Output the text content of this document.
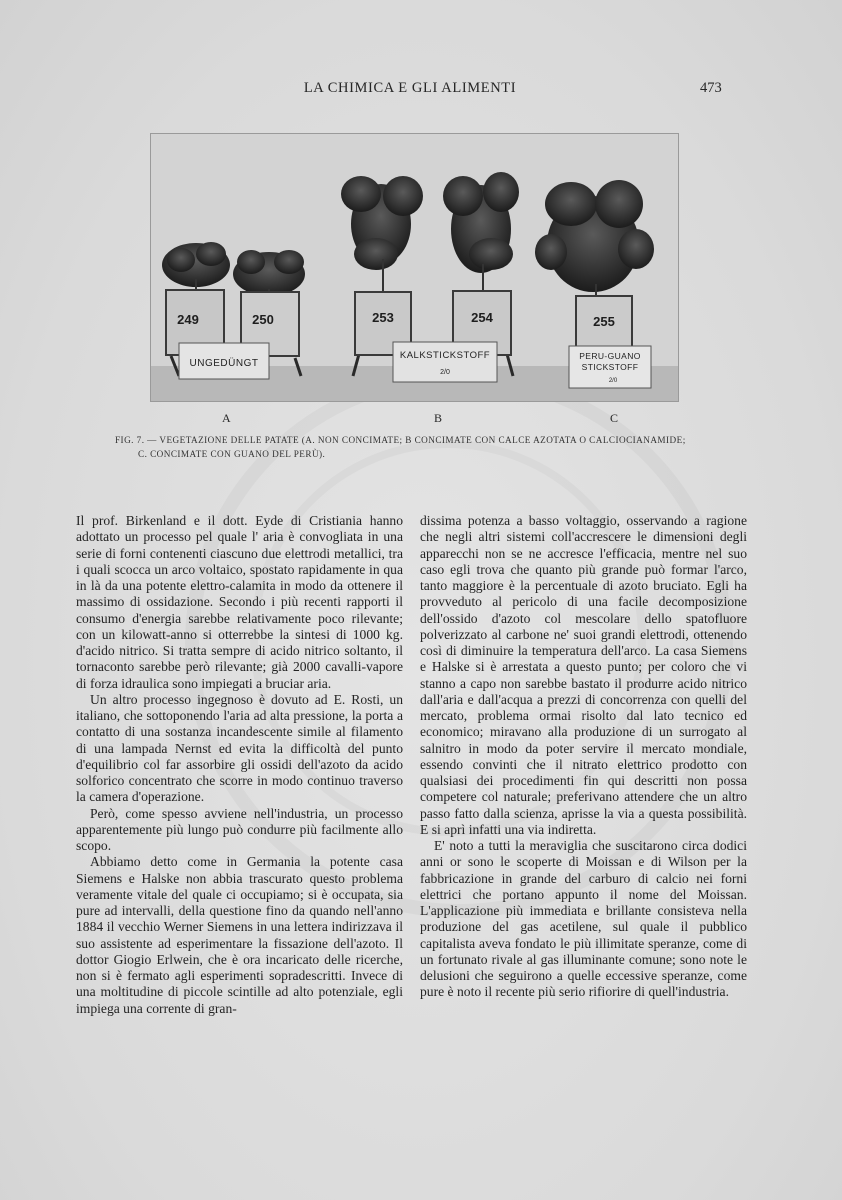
LA CHIMICA E GLI ALIMENTI	473
249	250	253	254	255
UNGEDÜNGT
KALKSTICKSTOFF
2/0
PERU-GUANO
STICKSTOFF
2/0
A	B	C
FIG. 7. — VEGETAZIONE DELLE PATATE (A. NON CONCIMATE; B CONCIMATE CON CALCE AZOTATA O CALCIOCIANAMIDE;
C. CONCIMATE CON GUANO DEL PERÙ).

Il prof. Birkenland e il dott. Eyde di Cristiania hanno adottato un processo pel quale l' aria è convogliata in una serie di forni contenenti ciascuno due elettrodi metallici, tra i quali scocca un arco voltaico, spostato rapidamente in qua in là da una potente elettro-calamita in modo da ottenere il massimo di ossidazione. Secondo i più recenti rapporti il consumo d'energia sarebbe relativamente poco rilevante; con un kilowatt-anno si otterrebbe la sintesi di 1000 kg. d'acido nitrico. Si tratta sempre di acido nitrico soltanto, il tornaconto sarebbe però rilevante; già 2000 cavalli-vapore di forza idraulica sono impiegati a bruciar aria.

Un altro processo ingegnoso è dovuto ad E. Rosti, un italiano, che sottoponendo l'aria ad alta pressione, la porta a contatto di una sostanza incandescente simile al filamento di una lampada Nernst ed evita la difficoltà del punto d'equilibrio col far assorbire gli ossidi dell'azoto da acido solforico concentrato che scorre in modo continuo traverso la camera d'operazione.

Però, come spesso avviene nell'industria, un processo apparentemente più lungo può condurre più facilmente allo scopo.

Abbiamo detto come in Germania la potente casa Siemens e Halske non abbia trascurato questo problema veramente vitale del quale ci occupiamo; si è occupata, sia pure ad intervalli, della questione fino da quando nell'anno 1884 il vecchio Werner Siemens in una lettera indirizzava il suo assistente ad esperimentare la fissazione dell'azoto. Il dottor Giogio Erlwein, che è ora incaricato delle ricerche, non si è fermato agli esperimenti sopradescritti. Invece di una moltitudine di piccole scintille ad alto potenziale, egli impiega una corrente di gran-

dissima potenza a basso voltaggio, osservando a ragione che negli altri sistemi coll'accrescere le dimensioni degli apparecchi non se ne accresce l'efficacia, mentre nel suo caso egli trova che quanto più grande può formar l'arco, tanto maggiore è la percentuale di azoto bruciato. Egli ha provveduto al pericolo di una facile decomposizione dell'ossido d'azoto col mescolare dello spatofluore polverizzato al carbone ne' suoi grandi elettrodi, ottenendo così di diminuire la temperatura dell'arco. La casa Siemens e Halske si è arrestata a questo punto; per coloro che vi stanno a capo non sarebbe bastato il produrre acido nitrico dall'aria e dall'acqua a prezzi di concorrenza con quelli del mercato, problema ormai risolto dal lato tecnico ed economico; miravano alla produzione di un surrogato al salnitro in modo da poter servire il mercato mondiale, essendo convinti che il nitrato elettrico prodotto con qualsiasi dei procedimenti fin qui descritti non possa competere col naturale; preferivano attendere che un altro passo fatto dalla scienza, aprisse la via a questa possibilità. E si aprì infatti una via indiretta.

E' noto a tutti la meraviglia che suscitarono circa dodici anni or sono le scoperte di Moissan e di Wilson per la fabbricazione in grande del carburo di calcio nei forni elettrici che portano appunto il nome del Moissan. L'applicazione più immediata e brillante consisteva nella produzione del gas acetilene, sul quale il pubblico capitalista aveva fondato le più illimitate speranze, come di un fortunato rivale al gas illuminante comune; sono note le delusioni che seguirono a quelle eccessive speranze, come pure è noto il recente più serio rifiorire di quell'industria.
